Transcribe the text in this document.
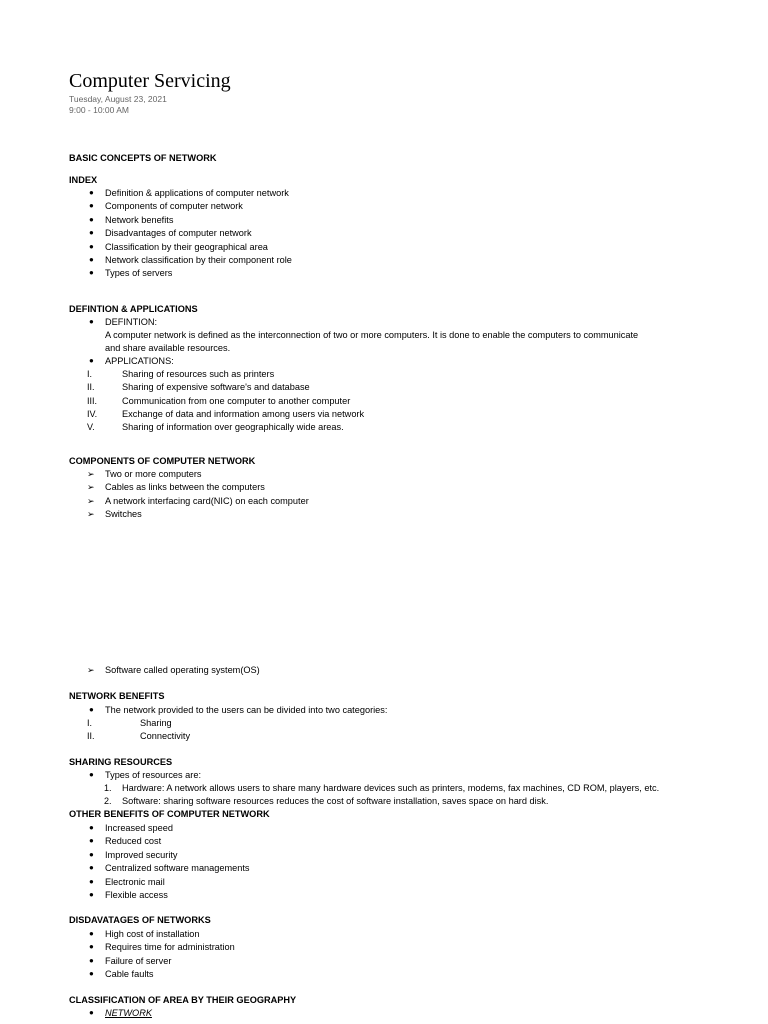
Computer Servicing
Tuesday, August 23, 2021
9:00 - 10:00 AM
BASIC CONCEPTS OF NETWORK
INDEX
● Definition & applications of computer network
● Components of computer network
● Network benefits
● Disadvantages of computer network
● Classification by their geographical area
● Network classification by their component role
● Types of servers
DEFINTION & APPLICATIONS
● DEFINTION:
A computer network is defined as the interconnection of two or more computers. It is done to enable the computers to communicate
and share available resources.
● APPLICATIONS:
I.	Sharing of resources such as printers
II.	Sharing of expensive software's and database
III.	Communication from one computer to another computer
IV.	Exchange of data and information among users via network
V.	Sharing of information over geographically wide areas.
COMPONENTS OF COMPUTER NETWORK
➢ Two or more computers
➢ Cables as links between the computers
➢ A network interfacing card(NIC) on each computer
➢ Switches
➢ Software called operating system(OS)
NETWORK BENEFITS
● The network provided to the users can be divided into two categories:
I.	Sharing
II.	Connectivity
SHARING RESOURCES
● Types of resources are:
1. Hardware: A network allows users to share many hardware devices such as printers, modems, fax machines, CD ROM, players, etc.
2. Software: sharing software resources reduces the cost of software installation, saves space on hard disk.
OTHER BENEFITS OF COMPUTER NETWORK
● Increased speed
● Reduced cost
● Improved security
● Centralized software managements
● Electronic mail
● Flexible access
DISDAVATAGES OF NETWORKS
● High cost of installation
● Requires time for administration
● Failure of server
● Cable faults
CLASSIFICATION OF AREA BY THEIR GEOGRAPHY
● NETWORK
